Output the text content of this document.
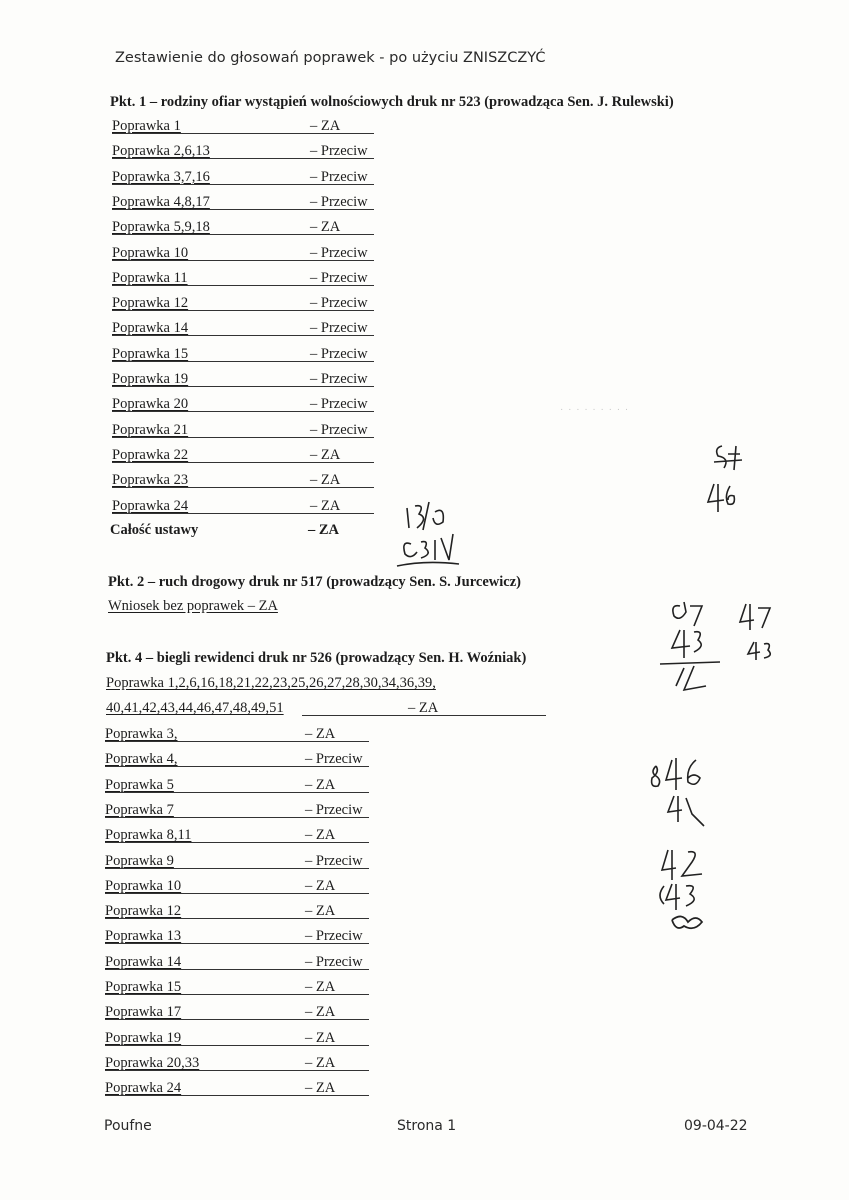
Zestawienie do głosowań poprawek - po użyciu ZNISZCZYĆ
Pkt. 1 – rodziny ofiar wystąpień wolnościowych druk nr 523 (prowadząca Sen. J. Rulewski)
Poprawka 1	– ZA
Poprawka 2,6,13	– Przeciw
Poprawka 3,7,16	– Przeciw
Poprawka 4,8,17	– Przeciw
Poprawka 5,9,18	– ZA
Poprawka 10	– Przeciw
Poprawka 11	– Przeciw
Poprawka 12	– Przeciw
Poprawka 14	– Przeciw
Poprawka 15	– Przeciw
Poprawka 19	– Przeciw
Poprawka 20	– Przeciw
Poprawka 21	– Przeciw
Poprawka 22	– ZA
Poprawka 23	– ZA
Poprawka 24	– ZA
Całość ustawy	– ZA
Pkt. 2 – ruch drogowy druk nr 517 (prowadzący Sen. S. Jurcewicz)
Wniosek bez poprawek – ZA
Pkt. 4 – biegli rewidenci druk nr 526 (prowadzący Sen. H. Woźniak)
Poprawka 1,2,6,16,18,21,22,23,25,26,27,28,30,34,36,39,
40,41,42,43,44,46,47,48,49,51	– ZA
Poprawka 3,	– ZA
Poprawka 4,	– Przeciw
Poprawka 5	– ZA
Poprawka 7	– Przeciw
Poprawka 8,11	– ZA
Poprawka 9	– Przeciw
Poprawka 10	– ZA
Poprawka 12	– ZA
Poprawka 13	– Przeciw
Poprawka 14	– Przeciw
Poprawka 15	– ZA
Poprawka 17	– ZA
Poprawka 19	– ZA
Poprawka 20,33	– ZA
Poprawka 24	– ZA
· · · · · · · · ·
Poufne	Strona 1	09-04-22
